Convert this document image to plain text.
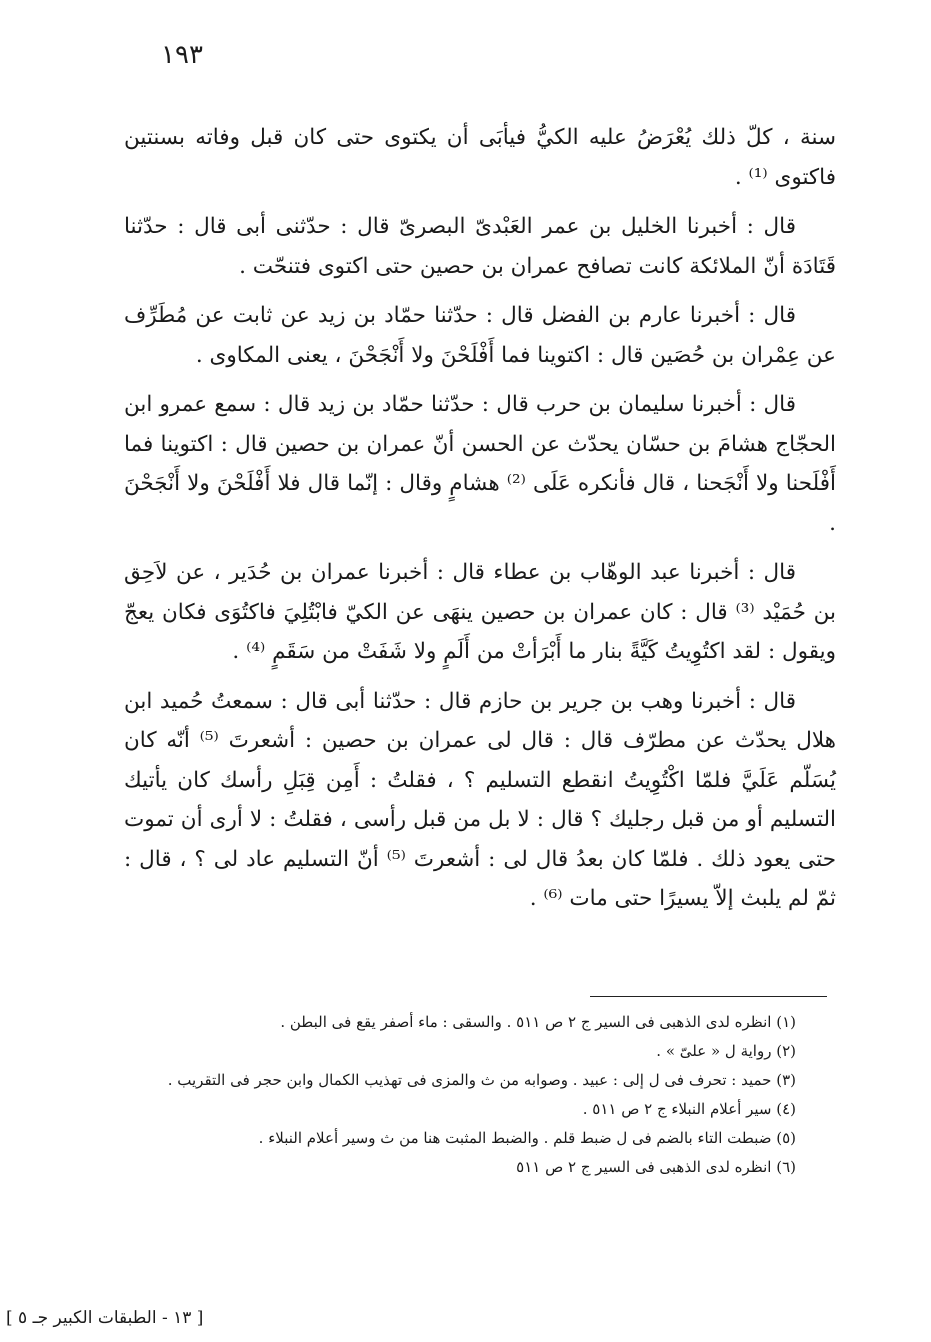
١٩٣

سنة ، كلّ ذلك يُعْرَضُ عليه الكيُّ فيأبَى أن يكتوى حتى كان قبل وفاته بسنتين فاكتوى ⁽¹⁾ .

قال : أخبرنا الخليل بن عمر العَبْدىّ البصرىّ قال : حدّثنى أبى قال : حدّثنا قَتَادَة أنّ الملائكة كانت تصافح عمران بن حصين حتى اكتوى فتنحّت .

قال : أخبرنا عارم بن الفضل قال : حدّثنا حمّاد بن زيد عن ثابت عن مُطَرِّف عن عِمْران بن حُصَين قال : اكتوينا فما أَفْلَحْنَ ولا أَنْجَحْنَ ، يعنى المكاوى .

قال : أخبرنا سليمان بن حرب قال : حدّثنا حمّاد بن زيد قال : سمع عمرو ابن الحجّاج هشامَ بن حسّان يحدّث عن الحسن أنّ عمران بن حصين قال : اكتوينا فما أَفْلَحنا ولا أَنْجَحنا ، قال فأنكره عَلَى ⁽²⁾ هشامٍ وقال : إنّما قال فلا أَفْلَحْنَ ولا أَنْجَحْنَ .

قال : أخبرنا عبد الوهّاب بن عطاء قال : أخبرنا عمران بن حُدَير ، عن لاَحِق بن حُمَيْد ⁽³⁾ قال : كان عمران بن حصين ينهَى عن الكيّ فابْتُلِيَ فاكتُوَى فكان يعجّ ويقول : لقد اكتُوِيتُ كَيَّةً بنار ما أَبْرَأتْ من أَلَمٍ ولا شَفَتْ من سَقَمٍ ⁽⁴⁾ .

قال : أخبرنا وهب بن جرير بن حازم قال : حدّثنا أبى قال : سمعتُ حُميد ابن هلال يحدّث عن مطرّف قال : قال لى عمران بن حصين : أشعرتَ ⁽⁵⁾ أنّه كان يُسَلّم عَلَيَّ فلمّا اكْتُوِيتُ انقطع التسليم ؟ ، فقلتُ : أَمِن قِبَلِ رأسك كان يأتيك التسليم أو من قبل رجليك ؟ قال : لا بل من قبل رأسى ، فقلتُ : لا أرى أن تموت حتى يعود ذلك . فلمّا كان بعدُ قال لى : أشعرتَ ⁽⁵⁾ أنّ التسليم عاد لى ؟ ، قال : ثمّ لم يلبث إلاّ يسيرًا حتى مات ⁽⁶⁾ .

(١) انظره لدى الذهبى فى السير ج ٢ ص ٥١١ . والسقى : ماء أصفر يقع فى البطن .

(٢) رواية ل « علىّ » .

(٣) حميد : تحرف فى ل إلى : عبيد . وصوابه من ث والمزى فى تهذيب الكمال وابن حجر فى التقريب .

(٤) سير أعلام النبلاء ج ٢ ص ٥١١ .

(٥) ضبطت التاء بالضم فى ل ضبط قلم . والضبط المثبت هنا من ث وسير أعلام النبلاء .

(٦) انظره لدى الذهبى فى السير ج ٢ ص ٥١١

[ ١٣ - الطبقات الكبير جـ ٥ ]
